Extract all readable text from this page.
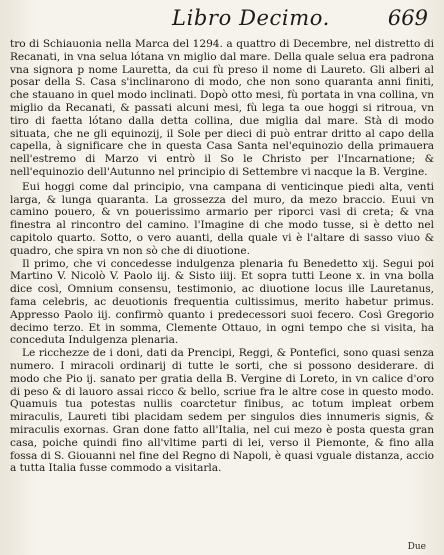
Libro Decimo.	669

tro di Schiauonia nella Marca del 1294. a quattro di Decembre, nel distretto di Recanati, in vna selua lótana vn miglio dal mare. Della quale selua era padrona vna signora p nome Lauretta, da cui fù preso il nome di Laureto. Gli alberi al posar della S. Casa s'inclinarono di modo, che non sono quaranta anni finiti, che stauano in quel modo inclinati. Dopò otto mesi, fù portata in vna collina, vn miglio da Recanati, & passati alcuni mesi, fù lega ta oue hoggi si ritroua, vn tiro di faetta lótano dalla detta collina, due miglia dal mare. Stà di modo situata, che ne gli equinozij, il Sole per dieci di può entrar dritto al capo della capella, à significare che in questa Casa Santa nel'equinozio della primauera nell'estremo di Marzo vi entrò il So le Christo per l'Incarnatione; & nell'equinozio dell'Autunno nel principio di Settembre vi nacque la B. Vergine.

Eui hoggi come dal principio, vna campana di venticinque piedi alta, venti larga, & lunga quaranta. La grossezza del muro, da mezo braccio. Euui vn camino pouero, & vn pouerissimo armario per riporci vasi di creta; & vna finestra al rincontro del camino. l'Imagine di che modo tusse, si è detto nel capitolo quarto. Sotto, o vero auanti, della quale vi è l'altare di sasso viuo & quadro, che spira vn non sò che di diuotione.

Il primo, che vi concedesse indulgenza plenaria fu Benedetto xij. Segui poi Martino V. Nicolò V. Paolo iij. & Sisto iiij. Et sopra tutti Leone x. in vna bolla dice così, Omnium consensu, testimonio, ac diuotione locus ille Lauretanus, fama celebris, ac deuotionis frequentia cultissimus, merito habetur primus. Appresso Paolo iij. confirmò quanto i predecessori suoi fecero. Così Gregorio decimo terzo. Et in somma, Clemente Ottauo, in ogni tempo che si visita, ha conceduta Indulgenza plenaria.

Le ricchezze de i doni, dati da Prencipi, Reggi, & Pontefici, sono quasi senza numero. I miracoli ordinarij di tutte le sorti, che si possono desiderare. di modo che Pio ij. sanato per gratia della B. Vergine di Loreto, in vn calice d'oro di peso & di lauoro assai ricco & bello, scriue fra le altre cose in questo modo. Quamuis tua potestas nullis coarctetur finibus, ac totum impleat orbem miraculis, Laureti tibi placidam sedem per singulos dies innumeris signis, & miraculis exornas. Gran done fatto all'Italia, nel cui mezo è posta questa gran casa, poiche quindi fino all'vltime parti di lei, verso il Piemonte, & fino alla fossa di S. Giouanni nel fine del Regno di Napoli, è quasi vguale distanza, accio a tutta Italia fusse commodo a visitarla.

Due
